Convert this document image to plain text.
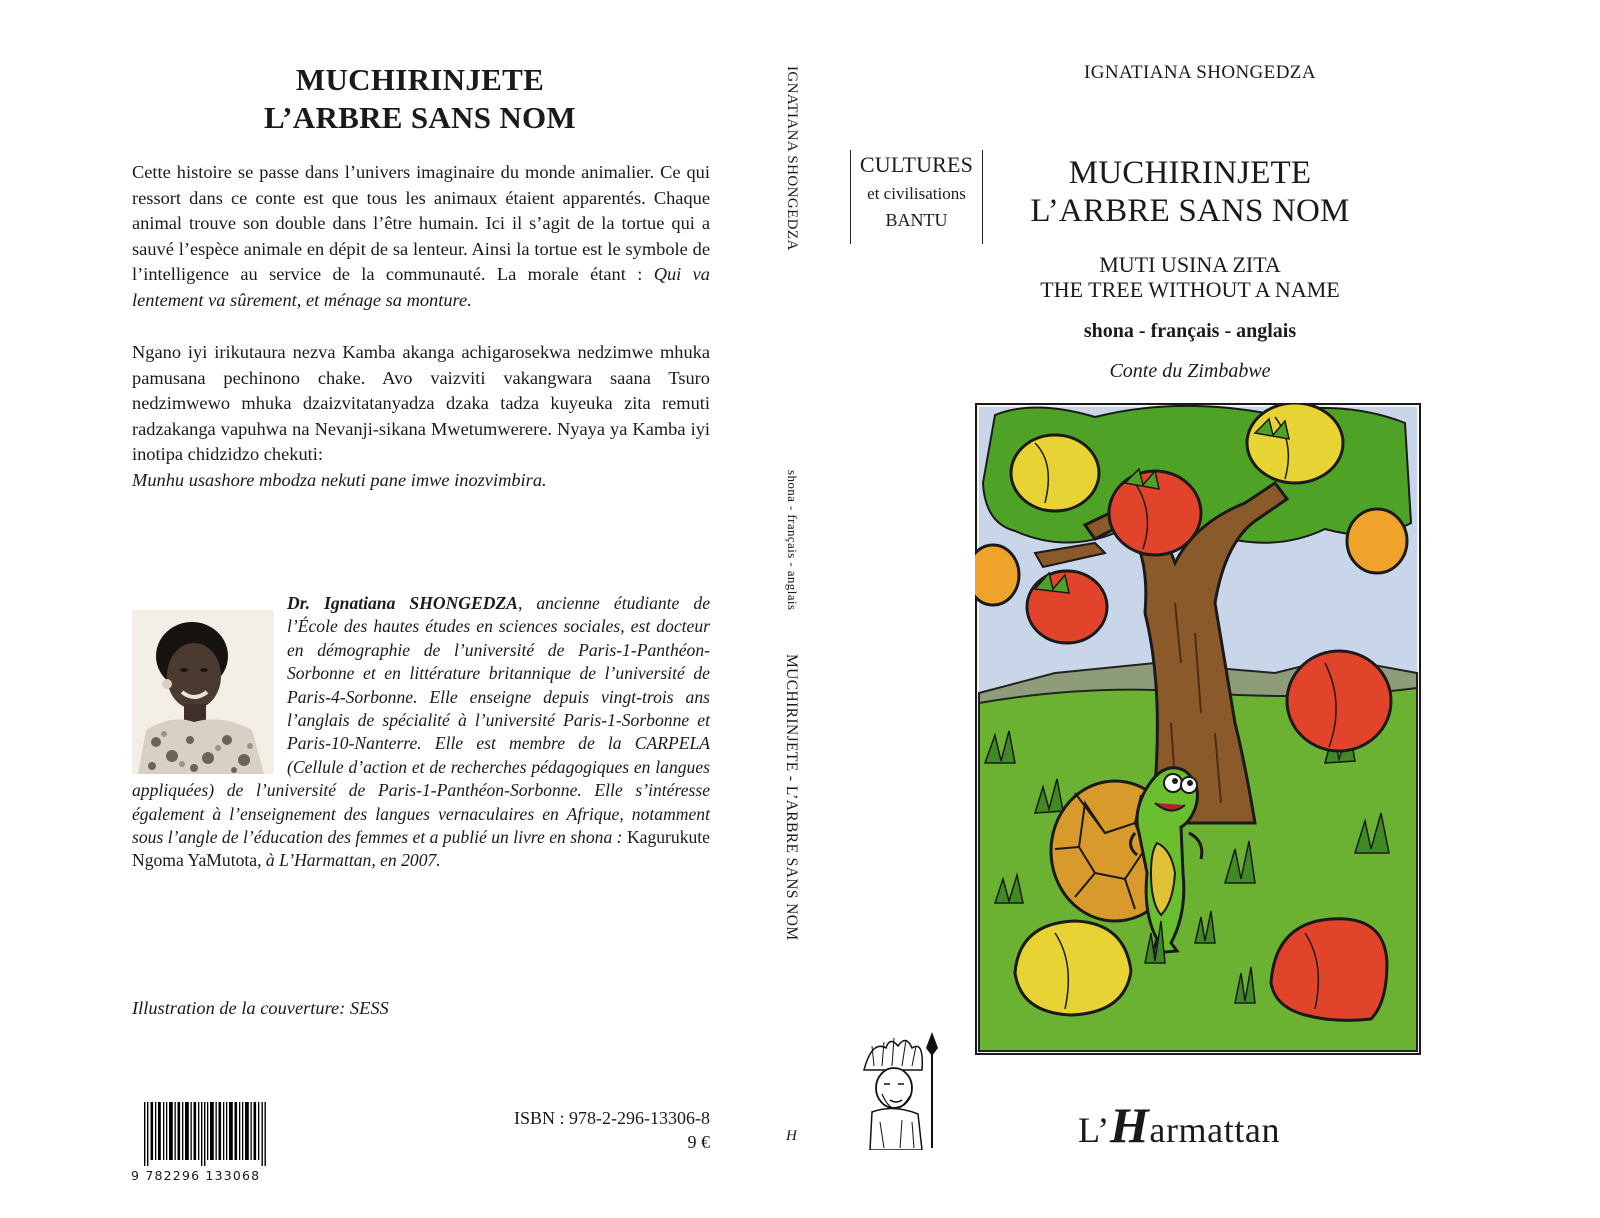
MUCHIRINJETE
L’ARBRE SANS NOM
Cette histoire se passe dans l’univers imaginaire du monde animalier. Ce qui ressort dans ce conte est que tous les animaux étaient apparentés. Chaque animal trouve son double dans l’être humain. Ici il s’agit de la tortue qui a sauvé l’espèce animale en dépit de sa lenteur. Ainsi la tortue est le symbole de l’intelligence au service de la communauté. La morale étant : Qui va lentement va sûrement, et ménage sa monture.
Ngano iyi irikutaura nezva Kamba akanga achigarosekwa nedzimwe mhuka pamusana pechinono chake. Avo vaizviti vakangwara saana Tsuro nedzimwewo mhuka dzaizvitatanyadza dzaka tadza kuyeuka zita remuti radzakanga vapuhwa na Nevanji-sikana Mwetumwerere. Nyaya ya Kamba iyi inotipa chidzidzo chekuti:
Munhu usashore mbodza nekuti pane imwe inozvimbira.
Dr. Ignatiana SHONGEDZA, ancienne étudiante de l’École des hautes études en sciences sociales, est docteur en démographie de l’université de Paris-1-Panthéon-Sorbonne et en littérature britannique de l’université de Paris-4-Sorbonne. Elle enseigne depuis vingt-trois ans l’anglais de spécialité à l’université Paris-1-Sorbonne et Paris-10-Nanterre. Elle est membre de la CARPELA (Cellule d’action et de recherches pédagogiques en langues appliquées) de l’université de Paris-1-Panthéon-Sorbonne. Elle s’intéresse également à l’enseignement des langues vernaculaires en Afrique, notamment sous l’angle de l’éducation des femmes et a publié un livre en shona : Kagurukute Ngoma YaMutota, à L’Harmattan, en 2007.
Illustration de la couverture: SESS
9 782296 133068
ISBN : 978-2-296-13306-8
9 €
IGNATIANA SHONGEDZA
shona - français - anglais
MUCHIRINJETE - L’ARBRE SANS NOM
H
IGNATIANA SHONGEDZA
CULTURES
et civilisations
BANTU
MUCHIRINJETE
L’ARBRE SANS NOM
MUTI USINA ZITA
THE TREE WITHOUT A NAME
shona - français - anglais
Conte du Zimbabwe
L’Harmattan
